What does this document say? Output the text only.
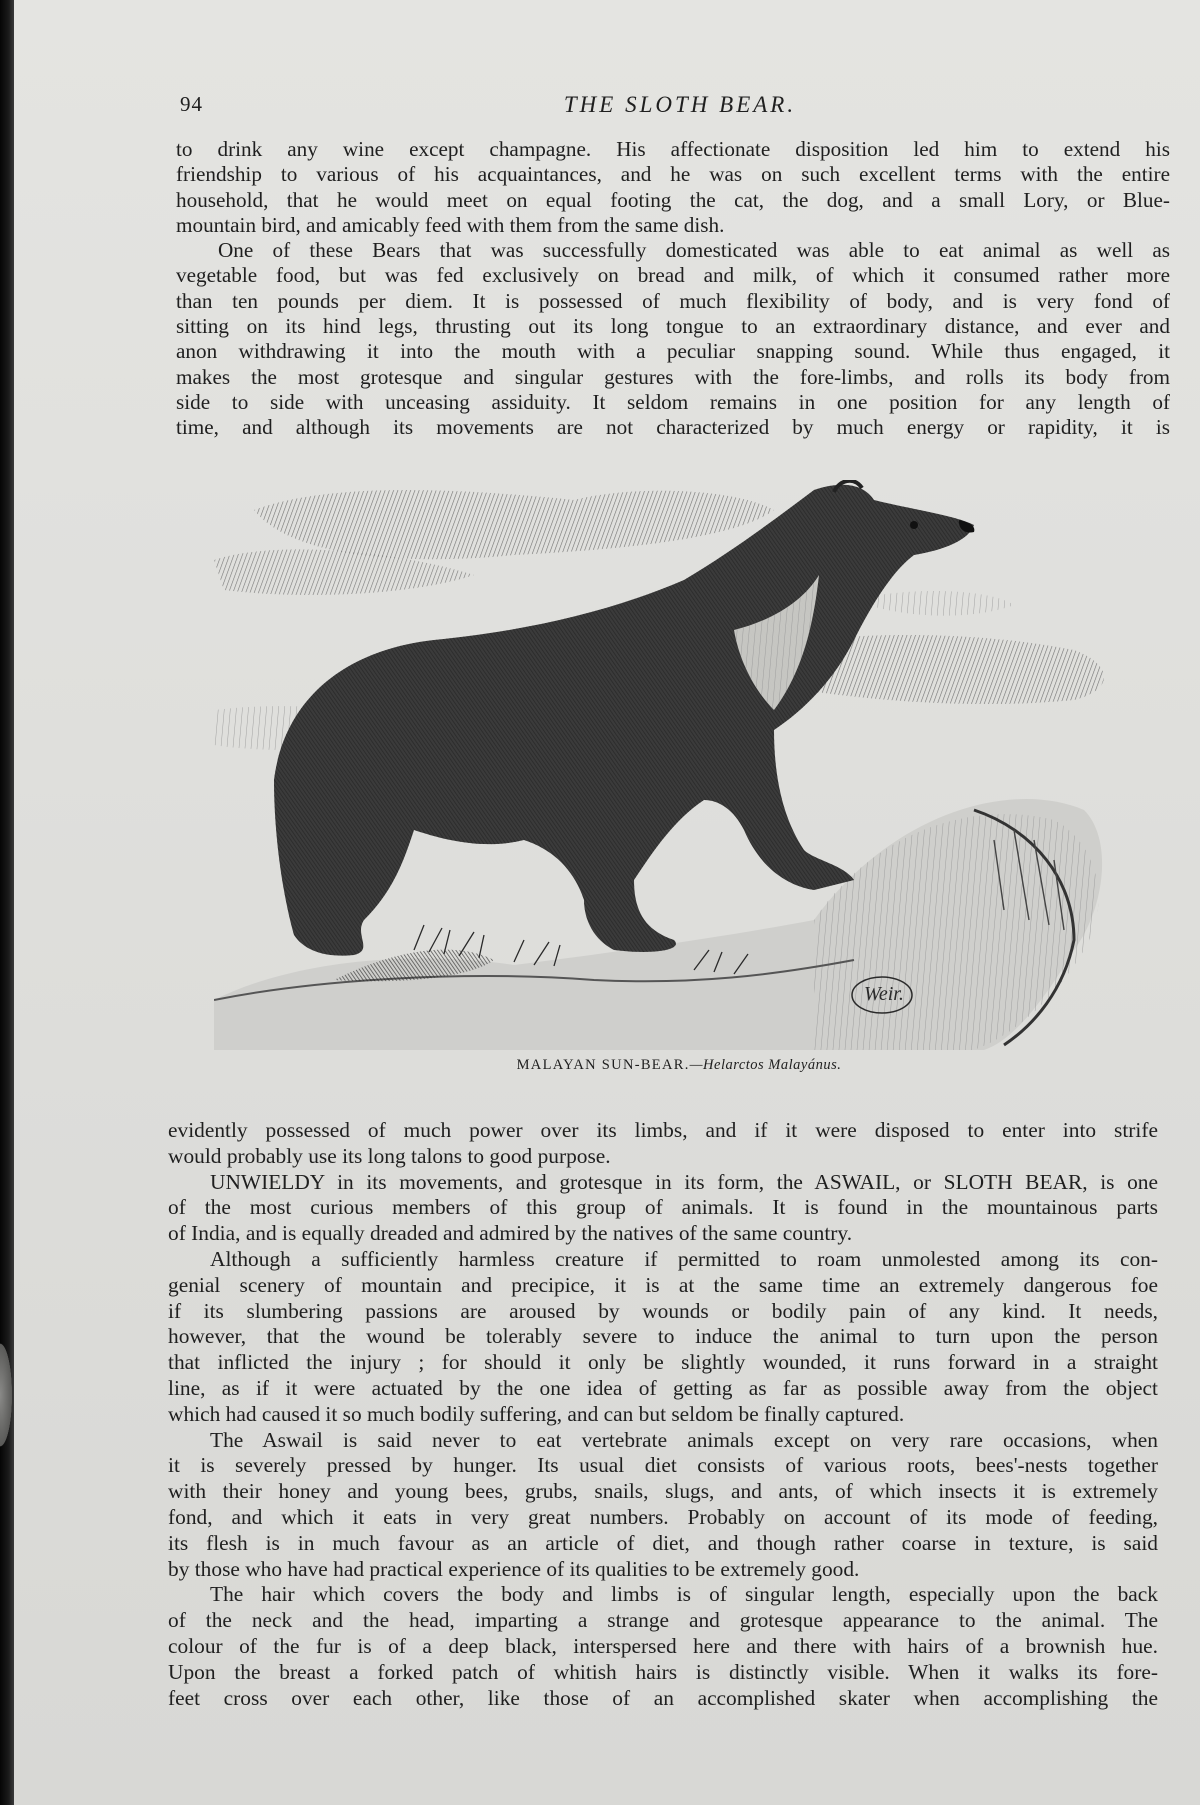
94	THE SLOTH BEAR.
to drink any wine except champagne. His affectionate disposition led him to extend his
friendship to various of his acquaintances, and he was on such excellent terms with the entire
household, that he would meet on equal footing the cat, the dog, and a small Lory, or Blue-
mountain bird, and amicably feed with them from the same dish.
One of these Bears that was successfully domesticated was able to eat animal as well as
vegetable food, but was fed exclusively on bread and milk, of which it consumed rather more
than ten pounds per diem. It is possessed of much flexibility of body, and is very fond of
sitting on its hind legs, thrusting out its long tongue to an extraordinary distance, and ever and
anon withdrawing it into the mouth with a peculiar snapping sound. While thus engaged, it
makes the most grotesque and singular gestures with the fore-limbs, and rolls its body from
side to side with unceasing assiduity. It seldom remains in one position for any length of
time, and although its movements are not characterized by much energy or rapidity, it is
Weir.
MALAYAN SUN-BEAR.—Helarctos Malayánus.
evidently possessed of much power over its limbs, and if it were disposed to enter into strife
would probably use its long talons to good purpose.
UNWIELDY in its movements, and grotesque in its form, the ASWAIL, or SLOTH BEAR, is one
of the most curious members of this group of animals. It is found in the mountainous parts
of India, and is equally dreaded and admired by the natives of the same country.
Although a sufficiently harmless creature if permitted to roam unmolested among its con-
genial scenery of mountain and precipice, it is at the same time an extremely dangerous foe
if its slumbering passions are aroused by wounds or bodily pain of any kind. It needs,
however, that the wound be tolerably severe to induce the animal to turn upon the person
that inflicted the injury ; for should it only be slightly wounded, it runs forward in a straight
line, as if it were actuated by the one idea of getting as far as possible away from the object
which had caused it so much bodily suffering, and can but seldom be finally captured.
The Aswail is said never to eat vertebrate animals except on very rare occasions, when
it is severely pressed by hunger. Its usual diet consists of various roots, bees'-nests together
with their honey and young bees, grubs, snails, slugs, and ants, of which insects it is extremely
fond, and which it eats in very great numbers. Probably on account of its mode of feeding,
its flesh is in much favour as an article of diet, and though rather coarse in texture, is said
by those who have had practical experience of its qualities to be extremely good.
The hair which covers the body and limbs is of singular length, especially upon the back
of the neck and the head, imparting a strange and grotesque appearance to the animal. The
colour of the fur is of a deep black, interspersed here and there with hairs of a brownish hue.
Upon the breast a forked patch of whitish hairs is distinctly visible. When it walks its fore-
feet cross over each other, like those of an accomplished skater when accomplishing the
